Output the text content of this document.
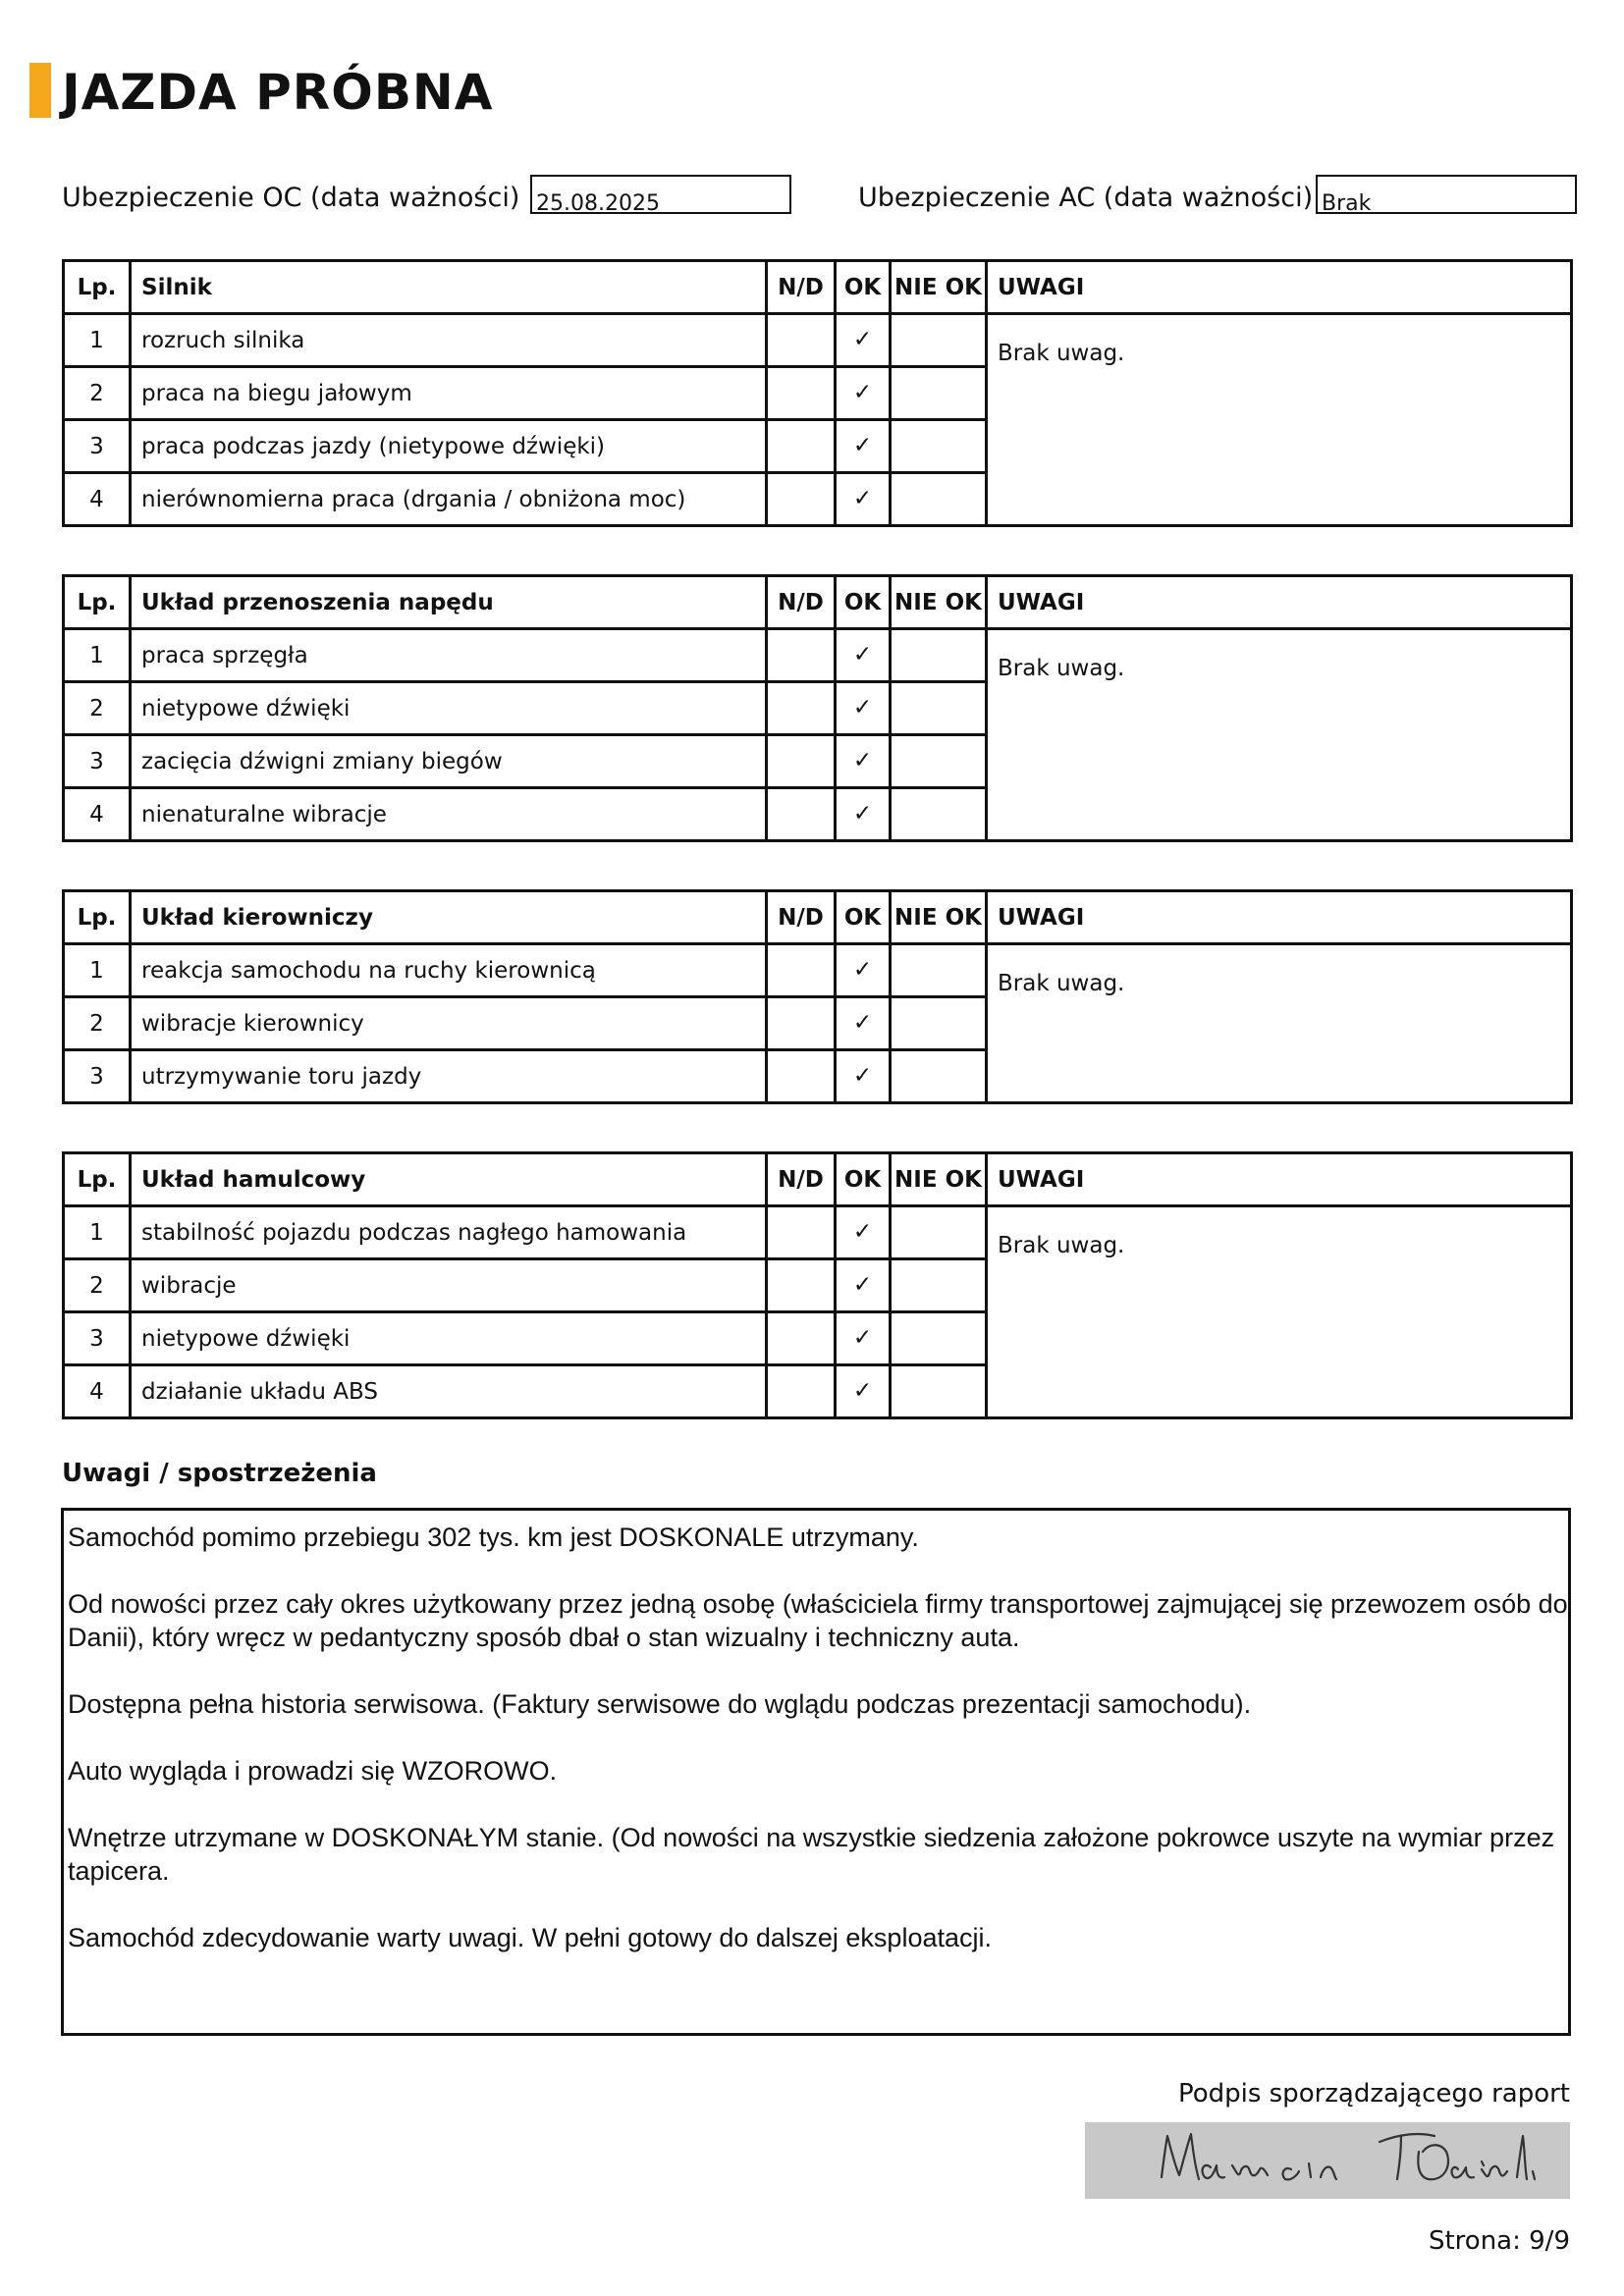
JAZDA PRÓBNA
Ubezpieczenie OC (data ważności) 25.08.2025	Ubezpieczenie AC (data ważności) Brak
Lp.	Silnik	N/D	OK	NIE OK	UWAGI
1	rozruch silnika		✓		Brak uwag.
2	praca na biegu jałowym		✓		
3	praca podczas jazdy (nietypowe dźwięki)		✓		
4	nierównomierna praca (drgania / obniżona moc)		✓		
Lp.	Układ przenoszenia napędu	N/D	OK	NIE OK	UWAGI
1	praca sprzęgła		✓		Brak uwag.
2	nietypowe dźwięki		✓		
3	zacięcia dźwigni zmiany biegów		✓		
4	nienaturalne wibracje		✓		
Lp.	Układ kierowniczy	N/D	OK	NIE OK	UWAGI
1	reakcja samochodu na ruchy kierownicą		✓		Brak uwag.
2	wibracje kierownicy		✓		
3	utrzymywanie toru jazdy		✓		
Lp.	Układ hamulcowy	N/D	OK	NIE OK	UWAGI
1	stabilność pojazdu podczas nagłego hamowania		✓		Brak uwag.
2	wibracje		✓		
3	nietypowe dźwięki		✓		
4	działanie układu ABS		✓		
Uwagi / spostrzeżenia

Samochód pomimo przebiegu 302 tys. km jest DOSKONALE utrzymany.

Od nowości przez cały okres użytkowany przez jedną osobę (właściciela firmy transportowej zajmującej się przewozem osób do Danii), który wręcz w pedantyczny sposób dbał o stan wizualny i techniczny auta.

Dostępna pełna historia serwisowa. (Faktury serwisowe do wglądu podczas prezentacji samochodu).

Auto wygląda i prowadzi się WZOROWO.

Wnętrze utrzymane w DOSKONAŁYM stanie. (Od nowości na wszystkie siedzenia założone pokrowce uszyte na wymiar przez tapicera.

Samochód zdecydowanie warty uwagi. W pełni gotowy do dalszej eksploatacji.

Podpis sporządzającego raport
Strona: 9/9
